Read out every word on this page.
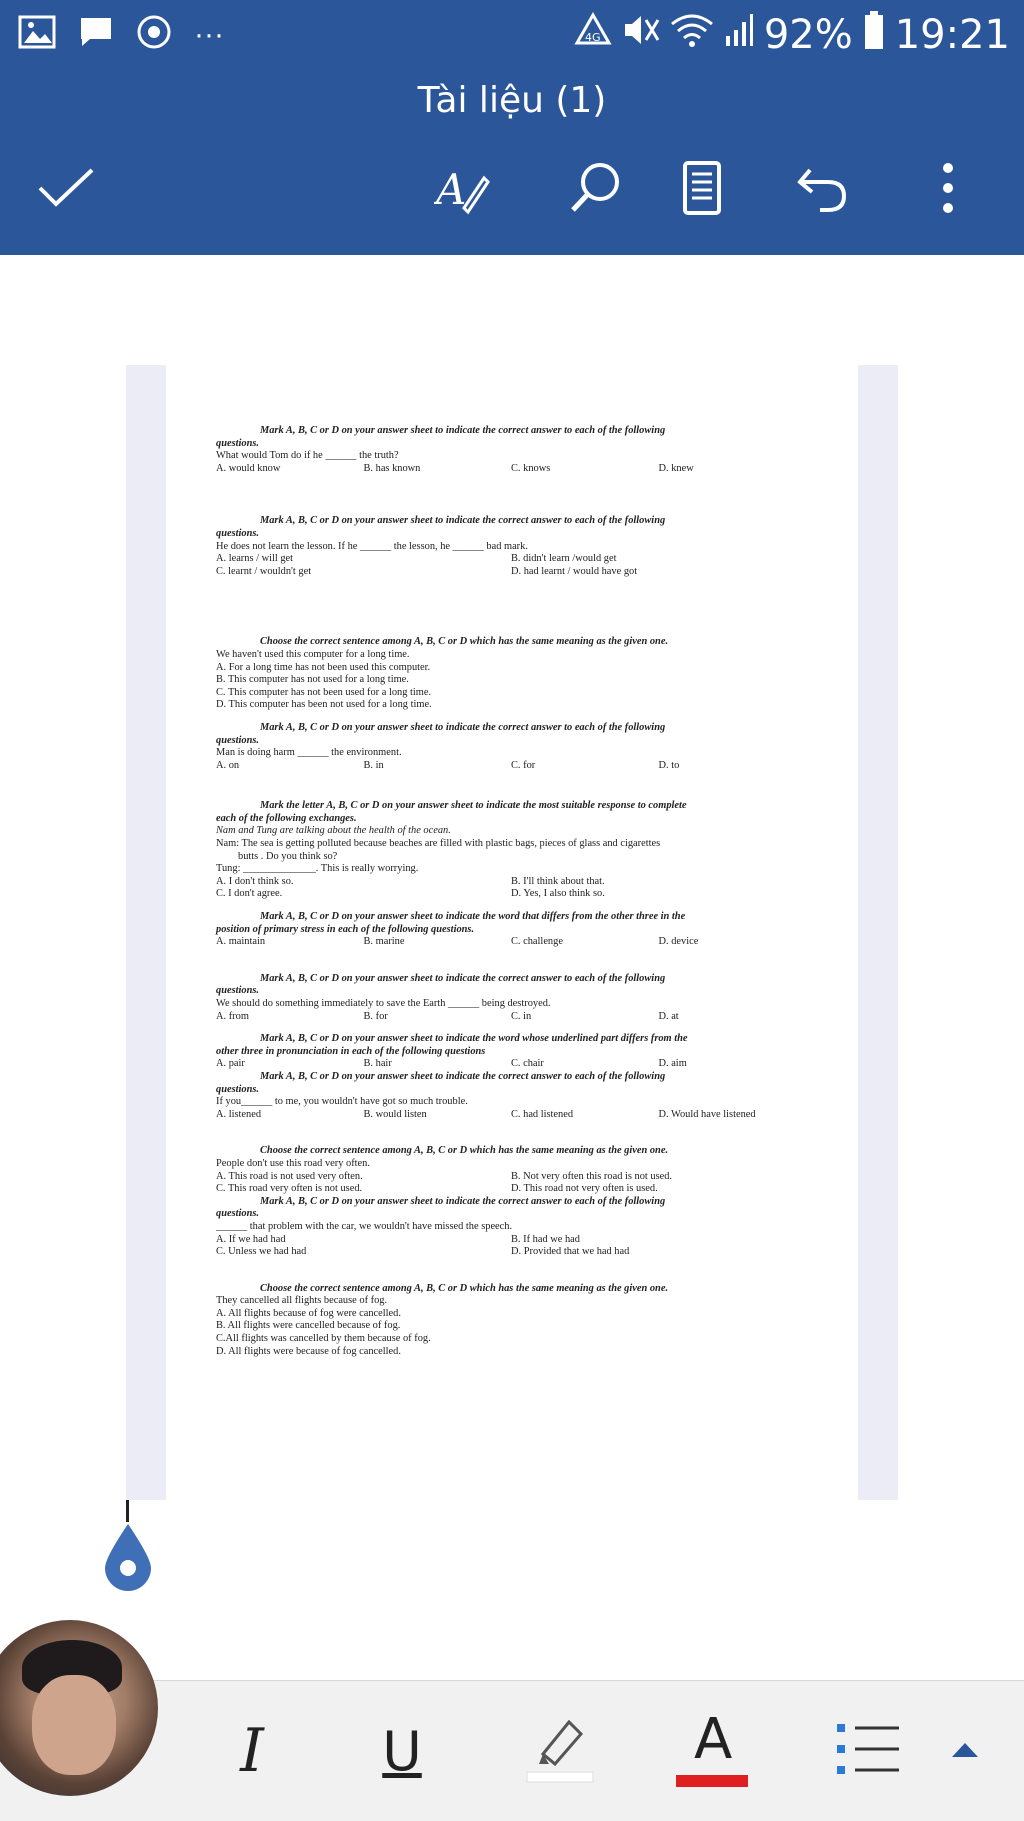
···	4G	92% 19:21
Tài liệu (1)
A
Mark A, B, C or D on your answer sheet to indicate the correct answer to each of the following
questions.
What would Tom do if he ______ the truth?
A. would know	B. has known	C. knows	D. knew
Mark A, B, C or D on your answer sheet to indicate the correct answer to each of the following
questions.
He does not learn the lesson. If he ______ the lesson, he ______ bad mark.
A. learns / will get	B. didn't learn /would get
C. learnt / wouldn't get	D. had learnt / would have got
Choose the correct sentence among A, B, C or D which has the same meaning as the given one.
We haven't used this computer for a long time.
A. For a long time has not been used this computer.
B. This computer has not used for a long time.
C. This computer has not been used for a long time.
D. This computer has been not used for a long time.
Mark A, B, C or D on your answer sheet to indicate the correct answer to each of the following
questions.
Man is doing harm ______ the environment.
A. on	B. in	C. for	D. to
Mark the letter A, B, C or D on your answer sheet to indicate the most suitable response to complete
each of the following exchanges.
Nam and Tung are talking about the health of the ocean.
Nam: The sea is getting polluted because beaches are filled with plastic bags, pieces of glass and cigarettes
butts . Do you think so?
Tung: ______________. This is really worrying.
A. I don't think so.	B. I'll think about that.
C. I don't agree.	D. Yes, I also think so.
Mark A, B, C or D on your answer sheet to indicate the word that differs from the other three in the
position of primary stress in each of the following questions.
A. maintain	B. marine	C. challenge	D. device
Mark A, B, C or D on your answer sheet to indicate the correct answer to each of the following
questions.
We should do something immediately to save the Earth ______ being destroyed.
A. from	B. for	C. in	D. at
Mark A, B, C or D on your answer sheet to indicate the word whose underlined part differs from the
other three in pronunciation in each of the following questions
A. pair	B. hair	C. chair	D. aim
Mark A, B, C or D on your answer sheet to indicate the correct answer to each of the following
questions.
If you______ to me, you wouldn't have got so much trouble.
A. listened	B. would listen	C. had listened	D. Would have listened
Choose the correct sentence among A, B, C or D which has the same meaning as the given one.
People don't use this road very often.
A. This road is not used very often.	B. Not very often this road is not used.
C. This road very often is not used.	D. This road not very often is used.
Mark A, B, C or D on your answer sheet to indicate the correct answer to each of the following
questions.
______ that problem with the car, we wouldn't have missed the speech.
A. If we had had	B. If had we had
C. Unless we had had	D. Provided that we had had
Choose the correct sentence among A, B, C or D which has the same meaning as the given one.
They cancelled all flights because of fog.
A. All flights because of fog were cancelled.
B. All flights were cancelled because of fog.
C.All flights was cancelled by them because of fog.
D. All flights were because of fog cancelled.
I U	A
